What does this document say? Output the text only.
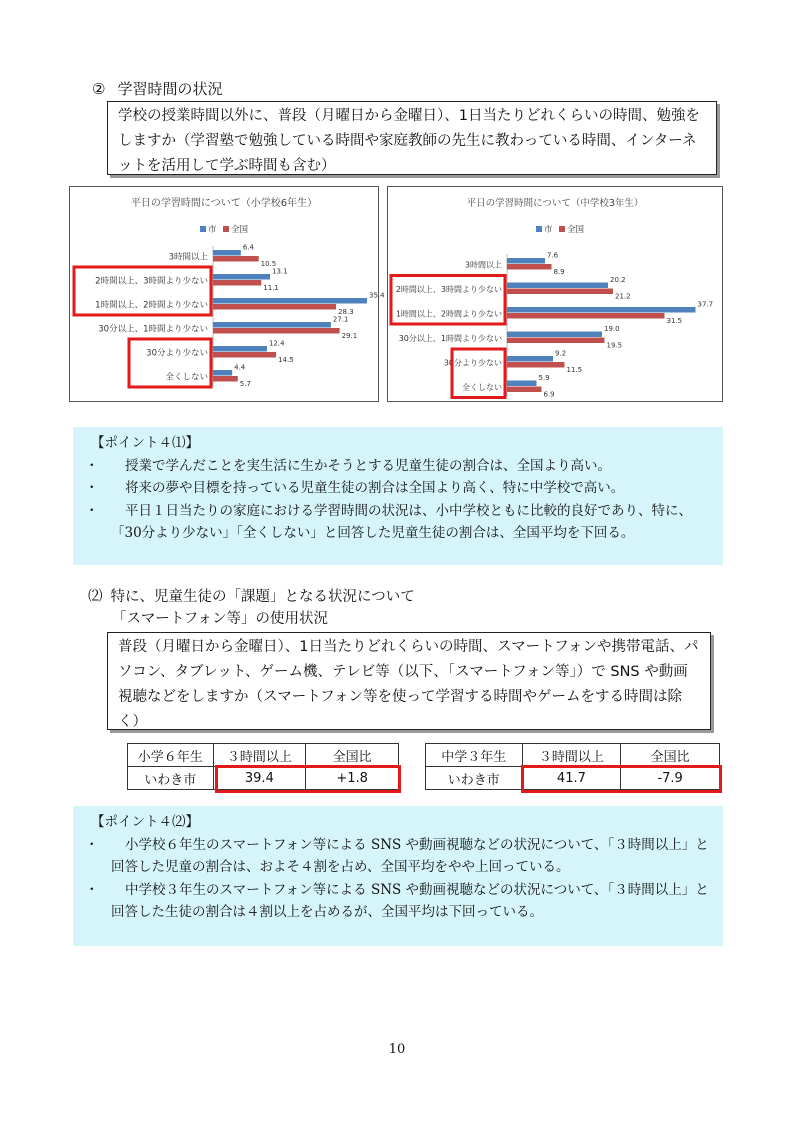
② 学習時間の状況
学校の授業時間以外に、普段（月曜日から金曜日）、1日当たりどれくらいの時間、勉強をしますか（学習塾で勉強している時間や家庭教師の先生に教わっている時間、インターネットを活用して学ぶ時間も含む）
平日の学習時間について（小学校6年生）
市 全国
3時間以上
6.4
10.5
2時間以上、3時間より少ない
13.1
11.1
1時間以上、2時間より少ない
35.4
28.3
30分以上、1時間より少ない
27.1
29.1
30分より少ない
12.4
14.5
全くしない
4.4
5.7
平日の学習時間について（中学校3年生）
市 全国
3時間以上
7.6
8.9
2時間以上、3時間より少ない
20.2
21.2
1時間以上、2時間より少ない
37.7
31.5
30分以上、1時間より少ない
19.0
19.5
30分より少ない
9.2
11.5
全くしない
5.9
6.9
【ポイント４⑴】
・ 授業で学んだことを実生活に生かそうとする児童生徒の割合は、全国より高い。
・ 将来の夢や目標を持っている児童生徒の割合は全国より高く、特に中学校で高い。
・ 平日１日当たりの家庭における学習時間の状況は、小中学校ともに比較的良好であり、特に、「30分より少ない」「全くしない」と回答した児童生徒の割合は、全国平均を下回る。
⑵ 特に、児童生徒の「課題」となる状況について
「スマートフォン等」の使用状況
普段（月曜日から金曜日）、1日当たりどれくらいの時間、スマートフォンや携帯電話、パソコン、タブレット、ゲーム機、テレビ等（以下、「スマートフォン等」）で SNS や動画視聴などをしますか（スマートフォン等を使って学習する時間やゲームをする時間は除く）
小学６年生	３時間以上	全国比
いわき市	39.4	+1.8
中学３年生	３時間以上	全国比
いわき市	41.7	-7.9
【ポイント４⑵】
・ 小学校６年生のスマートフォン等による SNS や動画視聴などの状況について、「３時間以上」と回答した児童の割合は、およそ４割を占め、全国平均をやや上回っている。
・ 中学校３年生のスマートフォン等による SNS や動画視聴などの状況について、「３時間以上」と回答した生徒の割合は４割以上を占めるが、全国平均は下回っている。
10
